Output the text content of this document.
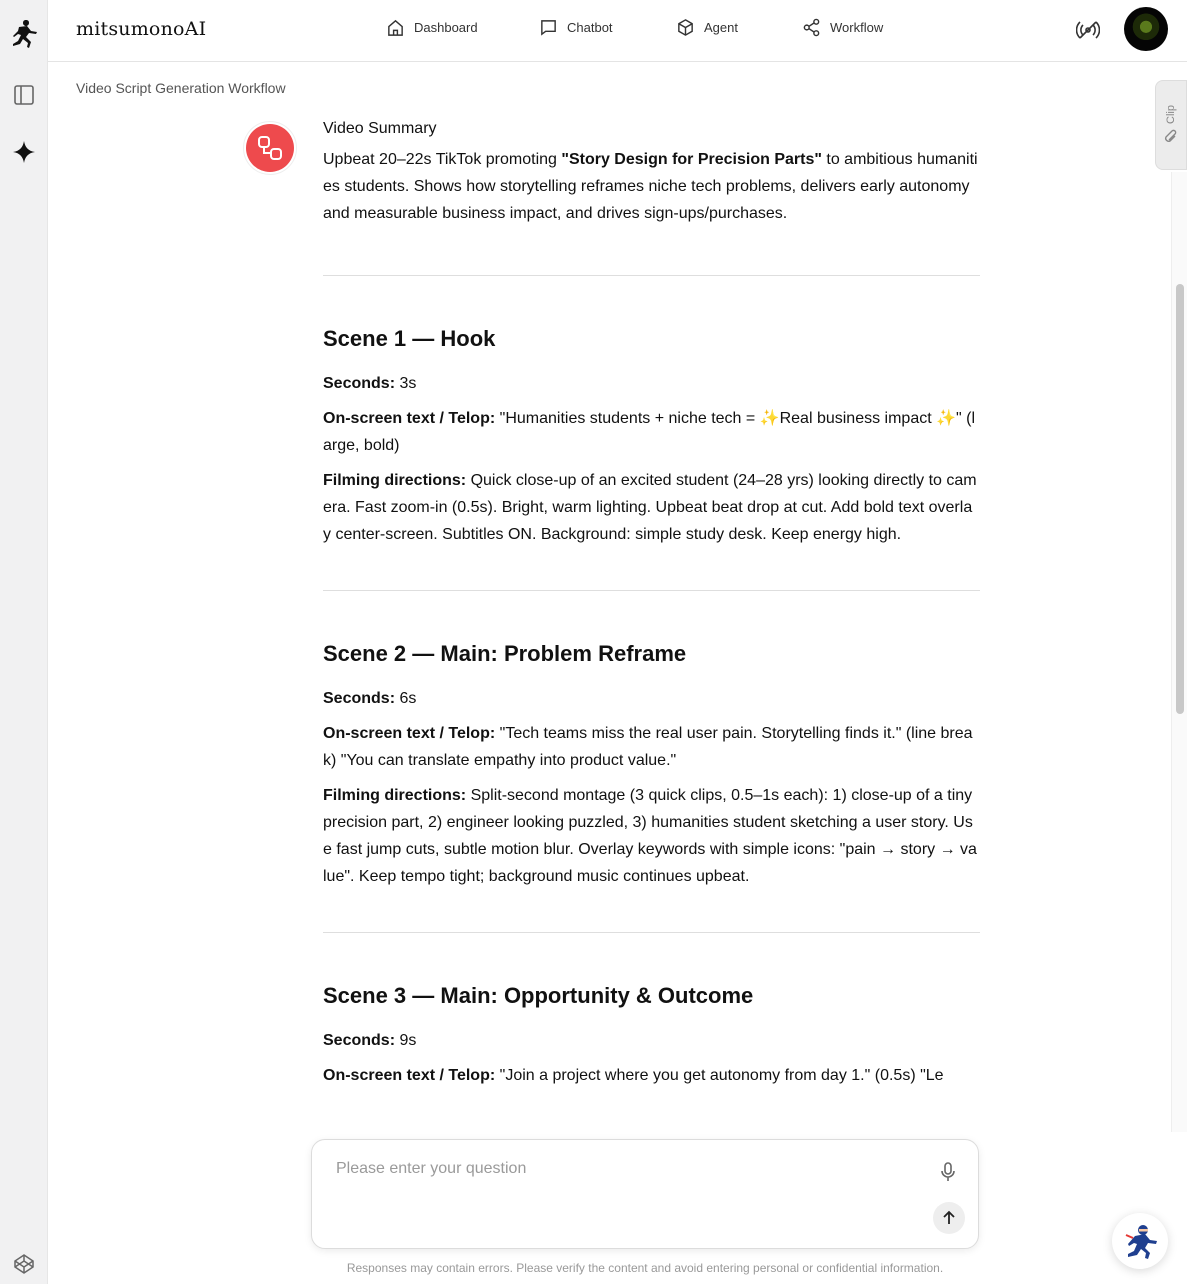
mitsumonoAI	Dashboard	Chatbot	Agent	Workflow
Video Script Generation Workflow
Clip
Video Summary

Upbeat 20–22s TikTok promoting "Story Design for Precision Parts" to ambitious humanities students. Shows how storytelling reframes niche tech problems, delivers early autonomy and measurable business impact, and drives sign-ups/purchases.

Scene 1 — Hook

Seconds: 3s

On-screen text / Telop: "Humanities students + niche tech = ✨Real business impact ✨" (large, bold)

Filming directions: Quick close-up of an excited student (24–28 yrs) looking directly to camera. Fast zoom-in (0.5s). Bright, warm lighting. Upbeat beat drop at cut. Add bold text overlay center-screen. Subtitles ON. Background: simple study desk. Keep energy high.

Scene 2 — Main: Problem Reframe

Seconds: 6s

On-screen text / Telop: "Tech teams miss the real user pain. Storytelling finds it." (line break) "You can translate empathy into product value."

Filming directions: Split-second montage (3 quick clips, 0.5–1s each): 1) close-up of a tiny precision part, 2) engineer looking puzzled, 3) humanities student sketching a user story. Use fast jump cuts, subtle motion blur. Overlay keywords with simple icons: "pain → story → value". Keep tempo tight; background music continues upbeat.

Scene 3 — Main: Opportunity & Outcome

Seconds: 9s

On-screen text / Telop: "Join a project where you get autonomy from day 1." (0.5s) "Le

Please enter your question
Responses may contain errors. Please verify the content and avoid entering personal or confidential information.
